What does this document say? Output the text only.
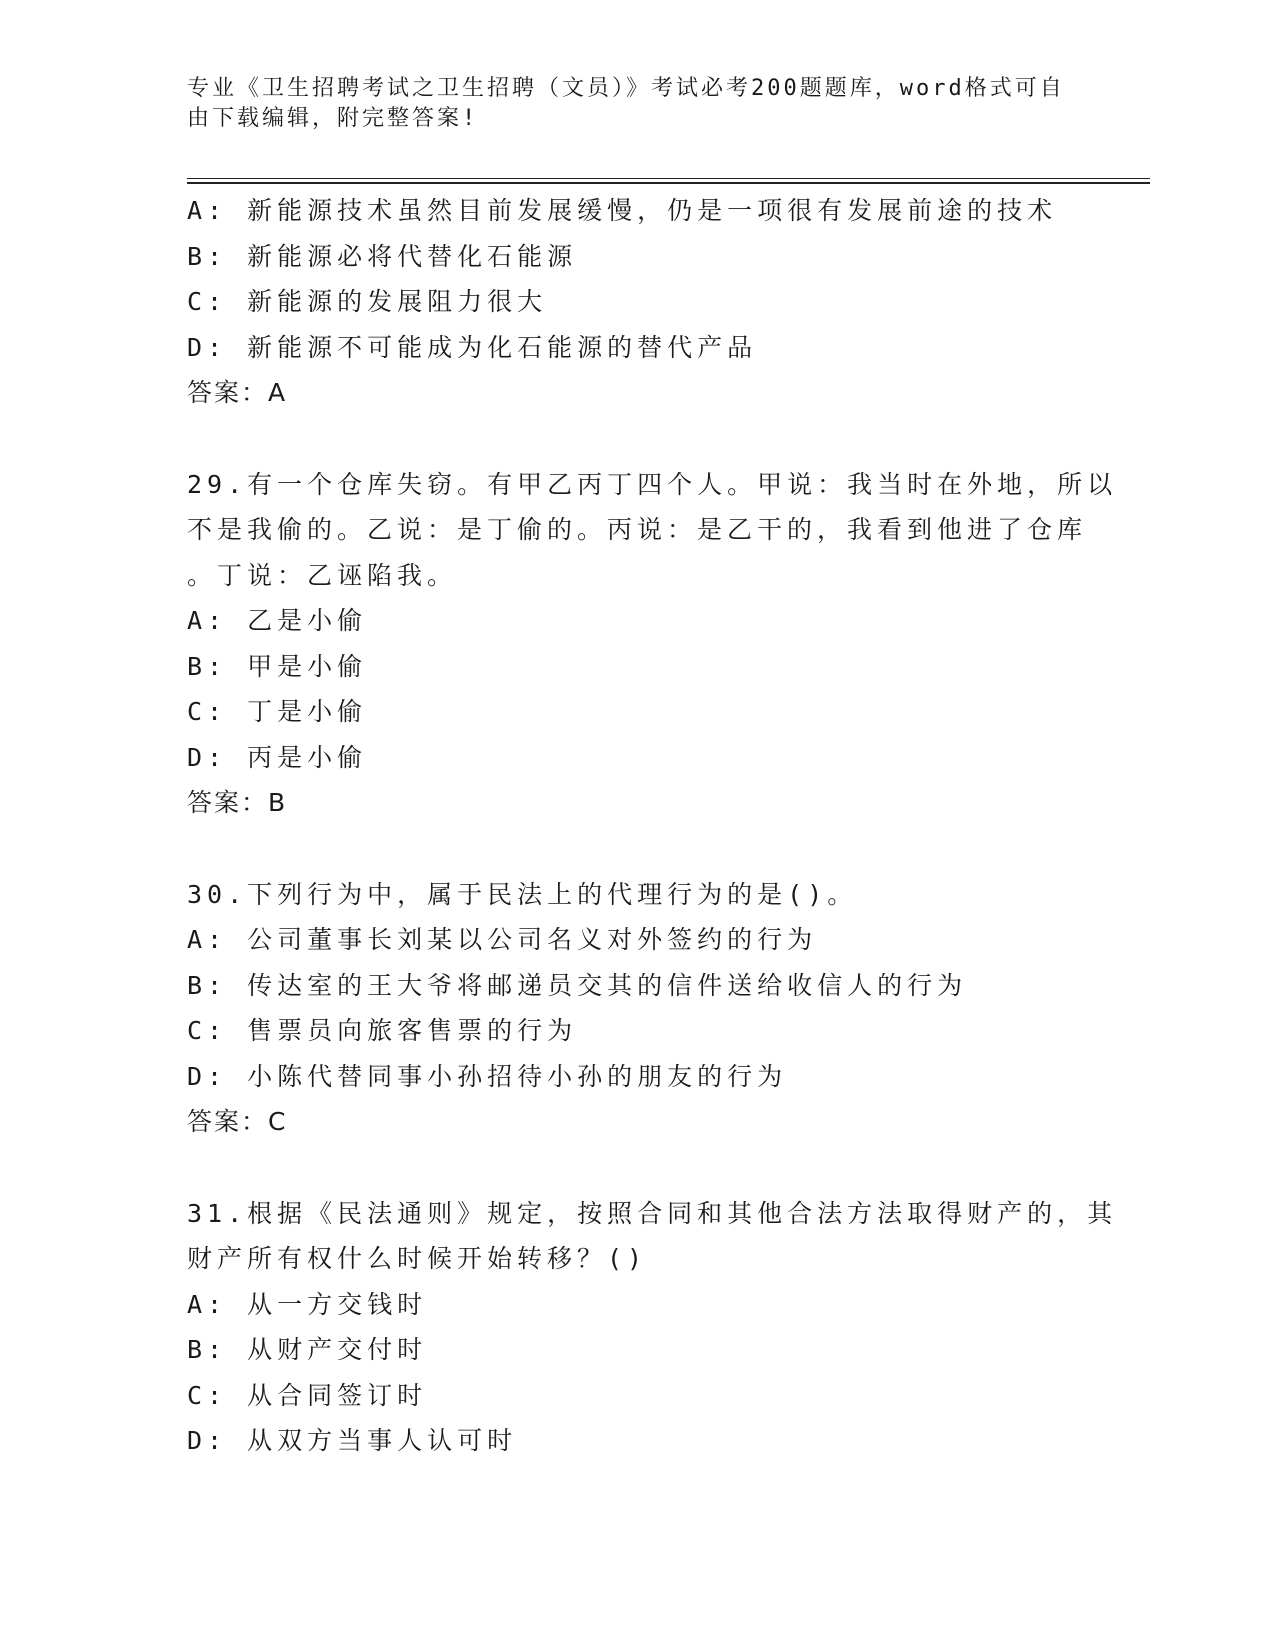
专业《卫生招聘考试之卫生招聘（文员）》考试必考200题题库，word格式可自由下载编辑，附完整答案!
A: 新能源技术虽然目前发展缓慢，仍是一项很有发展前途的技术
B: 新能源必将代替化石能源
C: 新能源的发展阻力很大
D: 新能源不可能成为化石能源的替代产品
答案：A
29.有一个仓库失窃。有甲乙丙丁四个人。甲说：我当时在外地，所以
不是我偷的。乙说：是丁偷的。丙说：是乙干的，我看到他进了仓库
。丁说：乙诬陷我。
A: 乙是小偷
B: 甲是小偷
C: 丁是小偷
D: 丙是小偷
答案：B
30.下列行为中，属于民法上的代理行为的是()。
A: 公司董事长刘某以公司名义对外签约的行为
B: 传达室的王大爷将邮递员交其的信件送给收信人的行为
C: 售票员向旅客售票的行为
D: 小陈代替同事小孙招待小孙的朋友的行为
答案：C
31.根据《民法通则》规定，按照合同和其他合法方法取得财产的，其
财产所有权什么时候开始转移？()
A: 从一方交钱时
B: 从财产交付时
C: 从合同签订时
D: 从双方当事人认可时
